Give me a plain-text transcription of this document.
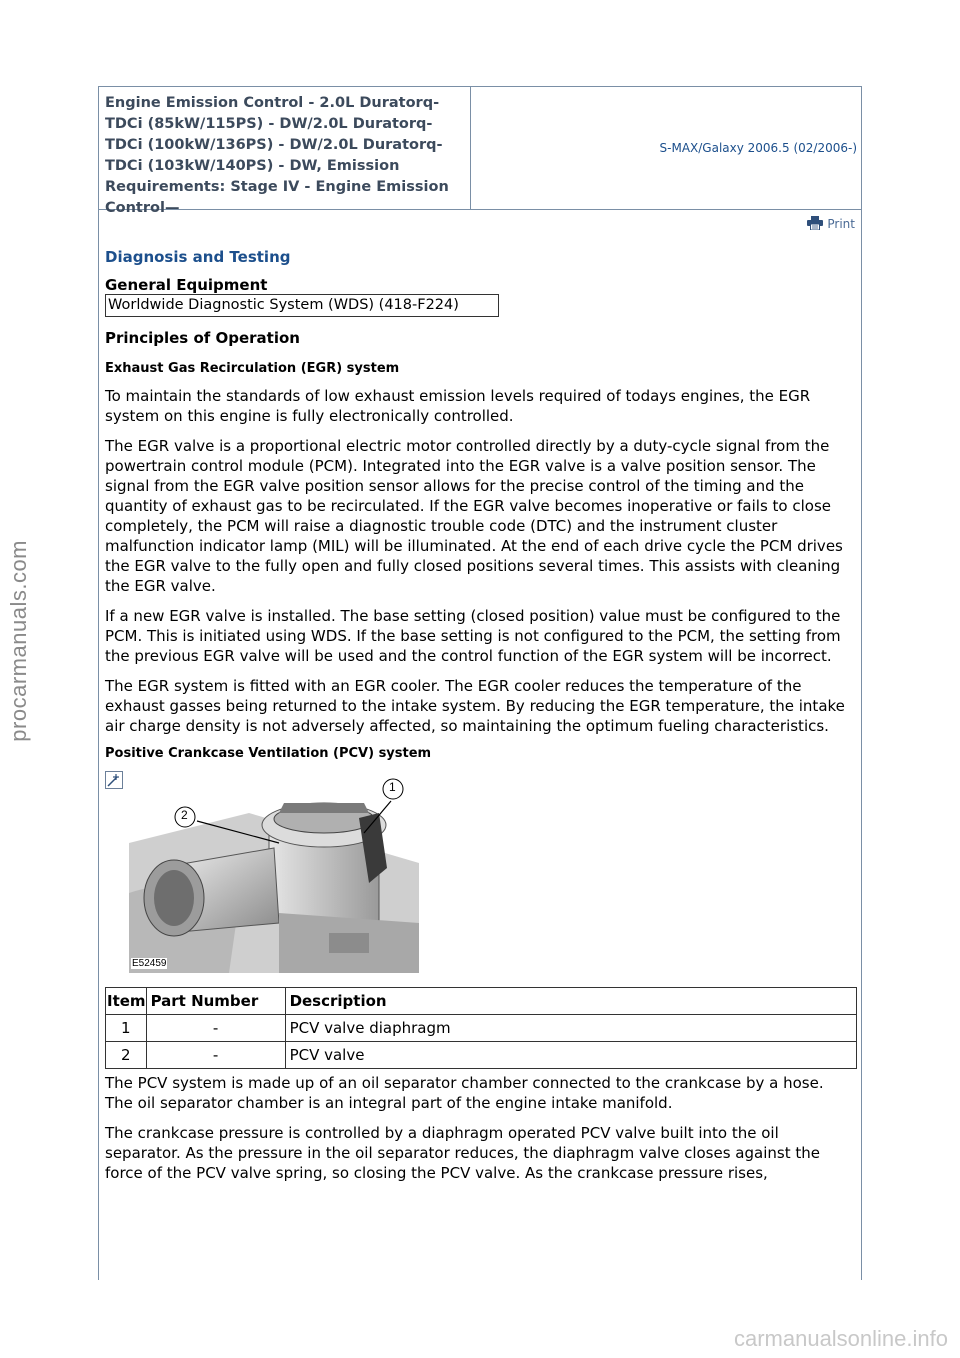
procarmanuals.com
carmanualsonline.info
Engine Emission Control - 2.0L Duratorq-TDCi (85kW/115PS) - DW/2.0L Duratorq-TDCi (100kW/136PS) - DW/2.0L Duratorq-TDCi (103kW/140PS) - DW, Emission Requirements: Stage IV - Engine Emission Control—
S-MAX/Galaxy 2006.5 (02/2006-)
Print
Diagnosis and Testing
General Equipment
Worldwide Diagnostic System (WDS) (418-F224)
Principles of Operation
Exhaust Gas Recirculation (EGR) system

To maintain the standards of low exhaust emission levels required of todays engines, the EGR system on this engine is fully electronically controlled.

The EGR valve is a proportional electric motor controlled directly by a duty-cycle signal from the powertrain control module (PCM). Integrated into the EGR valve is a valve position sensor. The signal from the EGR valve position sensor allows for the precise control of the timing and the quantity of exhaust gas to be recirculated. If the EGR valve becomes inoperative or fails to close completely, the PCM will raise a diagnostic trouble code (DTC) and the instrument cluster malfunction indicator lamp (MIL) will be illuminated. At the end of each drive cycle the PCM drives the EGR valve to the fully open and fully closed positions several times. This assists with cleaning the EGR valve.

If a new EGR valve is installed. The base setting (closed position) value must be configured to the PCM. This is initiated using WDS. If the base setting is not configured to the PCM, the setting from the previous EGR valve will be used and the control function of the EGR system will be incorrect.

The EGR system is fitted with an EGR cooler. The EGR cooler reduces the temperature of the exhaust gasses being returned to the intake system. By reducing the EGR temperature, the intake air charge density is not adversely affected, so maintaining the optimum fueling characteristics.

Positive Crankcase Ventilation (PCV) system
1
2
E52459
Item	Part Number	Description
1	-	PCV valve diaphragm
2	-	PCV valve

The PCV system is made up of an oil separator chamber connected to the crankcase by a hose. The oil separator chamber is an integral part of the engine intake manifold.

The crankcase pressure is controlled by a diaphragm operated PCV valve built into the oil separator. As the pressure in the oil separator reduces, the diaphragm valve closes against the force of the PCV valve spring, so closing the PCV valve. As the crankcase pressure rises,
